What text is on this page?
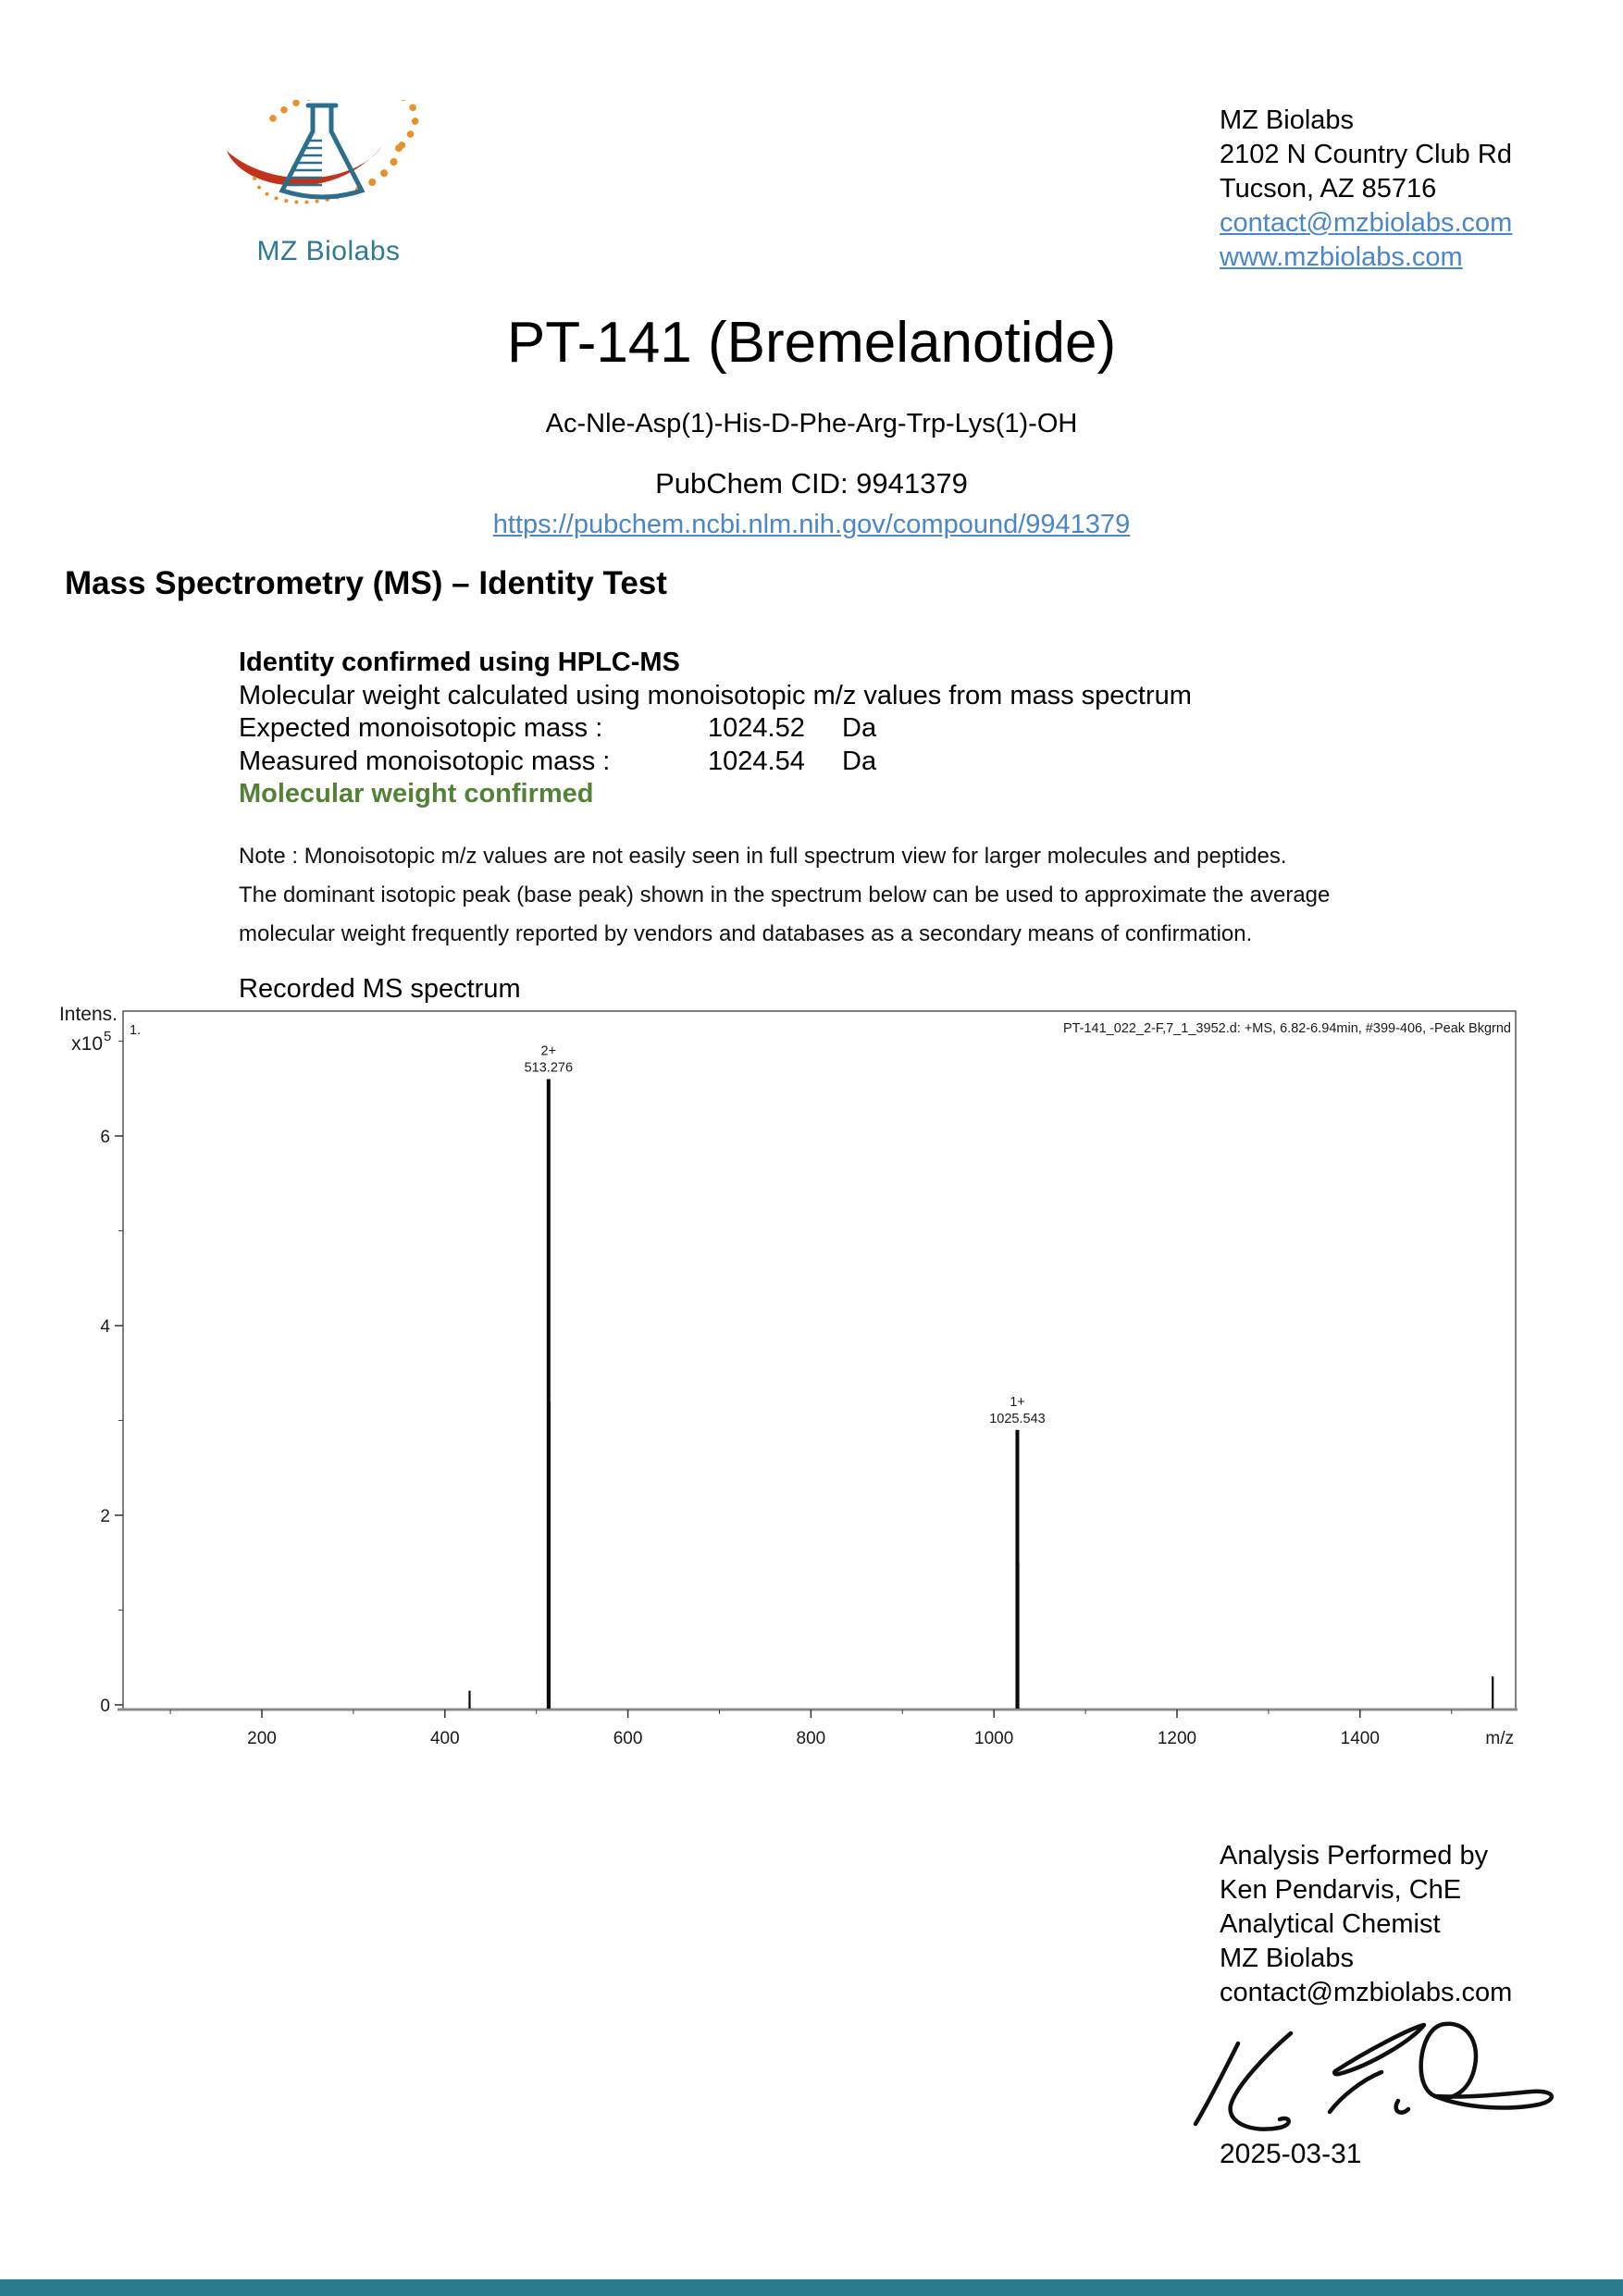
MZ Biolabs
MZ Biolabs
2102 N Country Club Rd
Tucson, AZ 85716
contact@mzbiolabs.com
www.mzbiolabs.com
PT-141 (Bremelanotide)
Ac-Nle-Asp(1)-His-D-Phe-Arg-Trp-Lys(1)-OH
PubChem CID: 9941379
https://pubchem.ncbi.nlm.nih.gov/compound/9941379
Mass Spectrometry (MS) – Identity Test
Identity confirmed using HPLC-MS
Molecular weight calculated using monoisotopic m/z values from mass spectrum
Expected monoisotopic mass :	1024.52	Da
Measured monoisotopic mass :	1024.54	Da
Molecular weight confirmed
Note : Monoisotopic m/z values are not easily seen in full spectrum view for larger molecules and peptides.
The dominant isotopic peak (base peak) shown in the spectrum below can be used to approximate the average
molecular weight frequently reported by vendors and databases as a secondary means of confirmation.
Recorded MS spectrum
200	400	600	800	1000	1200	1400	m/z
0
2
4
6
Intens.
x10 5 1.	PT-141_022_2-F,7_1_3952.d: +MS, 6.82-6.94min, #399-406, -Peak Bkgrnd
2+
513.276
1+
1025.543
Analysis Performed by
Ken Pendarvis, ChE
Analytical Chemist
MZ Biolabs
contact@mzbiolabs.com
2025-03-31
